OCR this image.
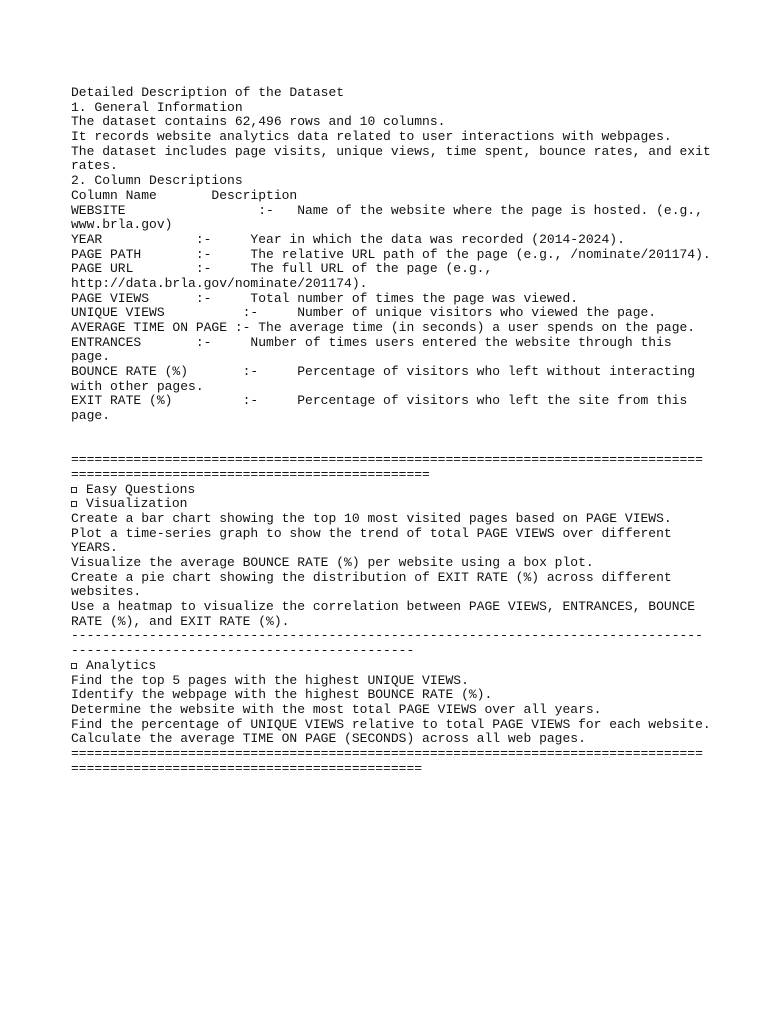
Detailed Description of the Dataset
1. General Information
The dataset contains 62,496 rows and 10 columns.
It records website analytics data related to user interactions with webpages.
The dataset includes page visits, unique views, time spent, bounce rates, and exit
rates.
2. Column Descriptions
Column Name       Description
WEBSITE                 :-   Name of the website where the page is hosted. (e.g.,
www.brla.gov)
YEAR            :-     Year in which the data was recorded (2014-2024).
PAGE PATH       :-     The relative URL path of the page (e.g., /nominate/201174).
PAGE URL        :-     The full URL of the page (e.g.,
http://data.brla.gov/nominate/201174).
PAGE VIEWS      :-     Total number of times the page was viewed.
UNIQUE VIEWS          :-     Number of unique visitors who viewed the page.
AVERAGE TIME ON PAGE :- The average time (in seconds) a user spends on the page.
ENTRANCES       :-     Number of times users entered the website through this
page.
BOUNCE RATE (%)       :-     Percentage of visitors who left without interacting
with other pages.
EXIT RATE (%)         :-     Percentage of visitors who left the site from this
page.
=================================================================================
==============================================
Easy Questions
Visualization
Create a bar chart showing the top 10 most visited pages based on PAGE VIEWS.
Plot a time-series graph to show the trend of total PAGE VIEWS over different
YEARS.
Visualize the average BOUNCE RATE (%) per website using a box plot.
Create a pie chart showing the distribution of EXIT RATE (%) across different
websites.
Use a heatmap to visualize the correlation between PAGE VIEWS, ENTRANCES, BOUNCE
RATE (%), and EXIT RATE (%).
---------------------------------------------------------------------------------
--------------------------------------------
Analytics
Find the top 5 pages with the highest UNIQUE VIEWS.
Identify the webpage with the highest BOUNCE RATE (%).
Determine the website with the most total PAGE VIEWS over all years.
Find the percentage of UNIQUE VIEWS relative to total PAGE VIEWS for each website.
Calculate the average TIME ON PAGE (SECONDS) across all web pages.
=================================================================================
=============================================
